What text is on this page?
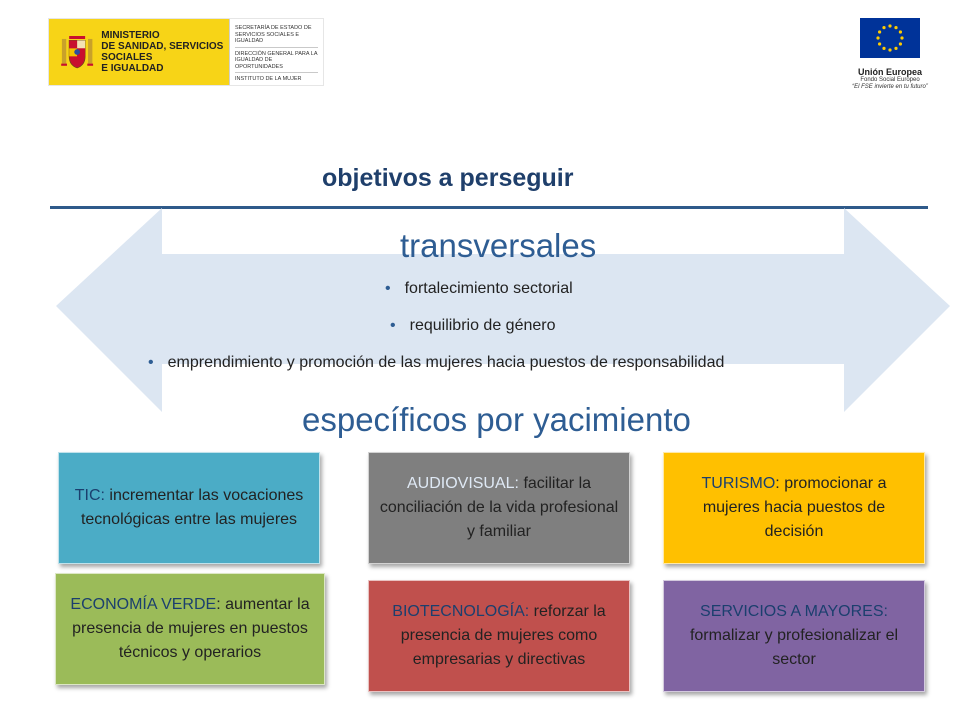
MINISTERIO
DE SANIDAD, SERVICIOS SOCIALES
E IGUALDAD
SECRETARÍA DE ESTADO DE SERVICIOS SOCIALES E IGUALDAD
DIRECCIÓN GENERAL PARA LA IGUALDAD DE OPORTUNIDADES
INSTITUTO DE LA MUJER
Unión Europea
Fondo Social Europeo
“El FSE invierte en tu futuro”
objetivos a perseguir
transversales
• fortalecimiento sectorial
• requilibrio de género
• emprendimiento y promoción de las mujeres hacia puestos de responsabilidad
específicos por yacimiento
TIC: incrementar las vocaciones tecnológicas entre las mujeres
AUDIOVISUAL: facilitar la conciliación de la vida profesional y familiar
TURISMO: promocionar a mujeres hacia puestos de decisión
ECONOMÍA VERDE: aumentar la presencia de mujeres en puestos técnicos y operarios
BIOTECNOLOGÍA: reforzar la presencia de mujeres como empresarias y directivas
SERVICIOS A MAYORES: formalizar y profesionalizar el sector
